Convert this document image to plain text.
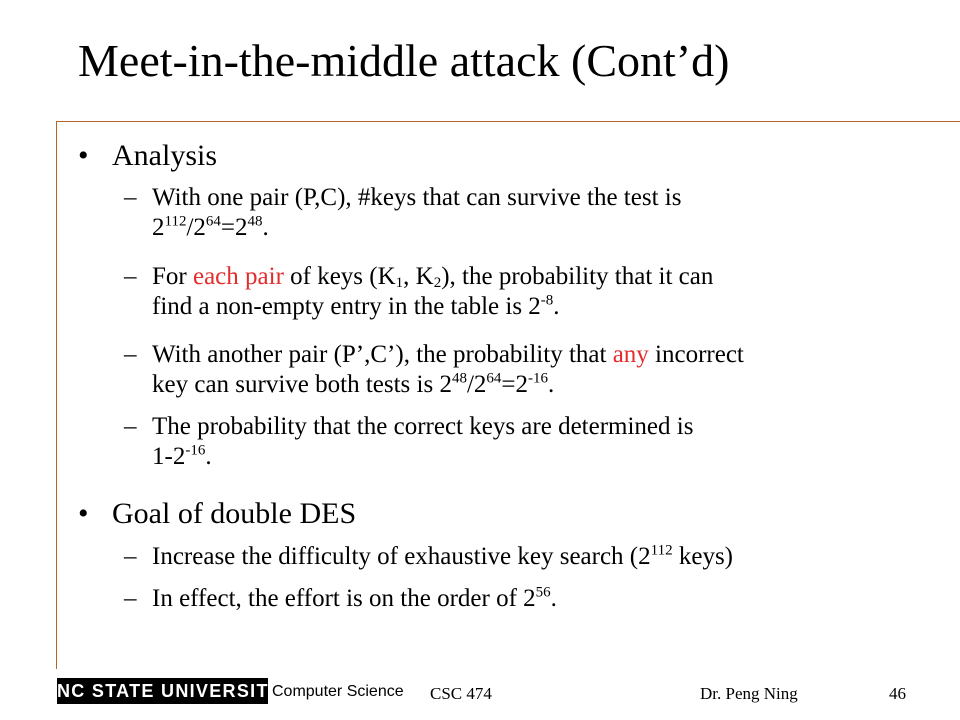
Meet-in-the-middle attack (Cont’d)
• Analysis
– With one pair (P,C), #keys that can survive the test is
$2^{112}/2^{64}=2^{48}$.
– For each pair of keys ($K_1$, $K_2$), the probability that it can
find a non-empty entry in the table is $2^{-8}$.
– With another pair (P’,C’), the probability that any incorrect
key can survive both tests is $2^{48}/2^{64}=2^{-16}$.
– The probability that the correct keys are determined is
$1-2^{-16}$.
• Goal of double DES
– Increase the difficulty of exhaustive key search ($2^{112}$ keys)
– In effect, the effort is on the order of $2^{56}$.
NC STATE UNIVERSITY
Computer Science CSC 474	Dr. Peng Ning	46
